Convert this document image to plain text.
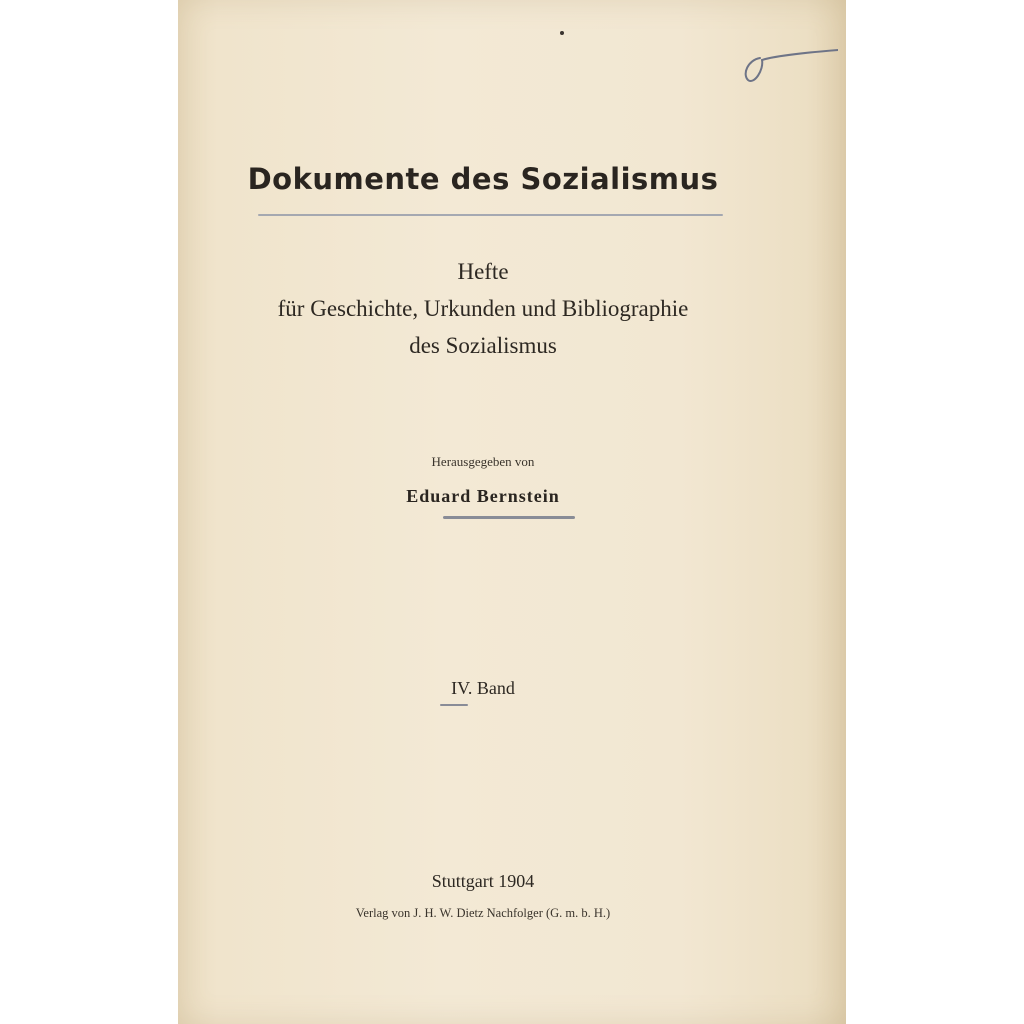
Dokumente des Sozialismus
Hefte
für Geschichte, Urkunden und Bibliographie
des Sozialismus
Herausgegeben von
Eduard Bernstein
IV. Band
Stuttgart 1904
Verlag von J. H. W. Dietz Nachfolger (G. m. b. H.)
